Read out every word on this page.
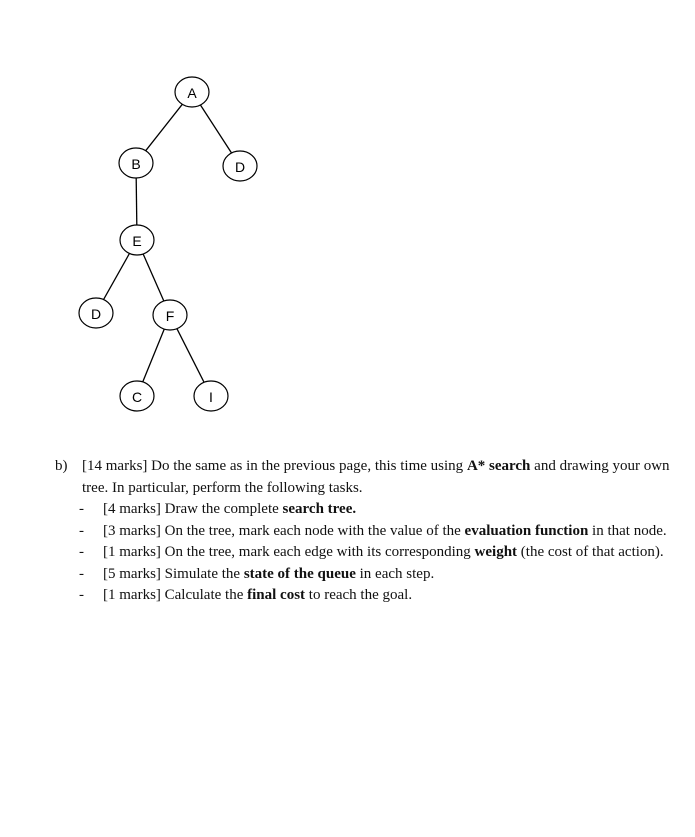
A
B	D
E
D	F
C	I
b) [14 marks] Do the same as in the previous page, this time using A* search and drawing your own tree. In particular, perform the following tasks.
-	[4 marks] Draw the complete search tree.
-	[3 marks] On the tree, mark each node with the value of the evaluation function in that node.
-	[1 marks] On the tree, mark each edge with its corresponding weight (the cost of that action).
-	[5 marks] Simulate the state of the queue in each step.
-	[1 marks] Calculate the final cost to reach the goal.
